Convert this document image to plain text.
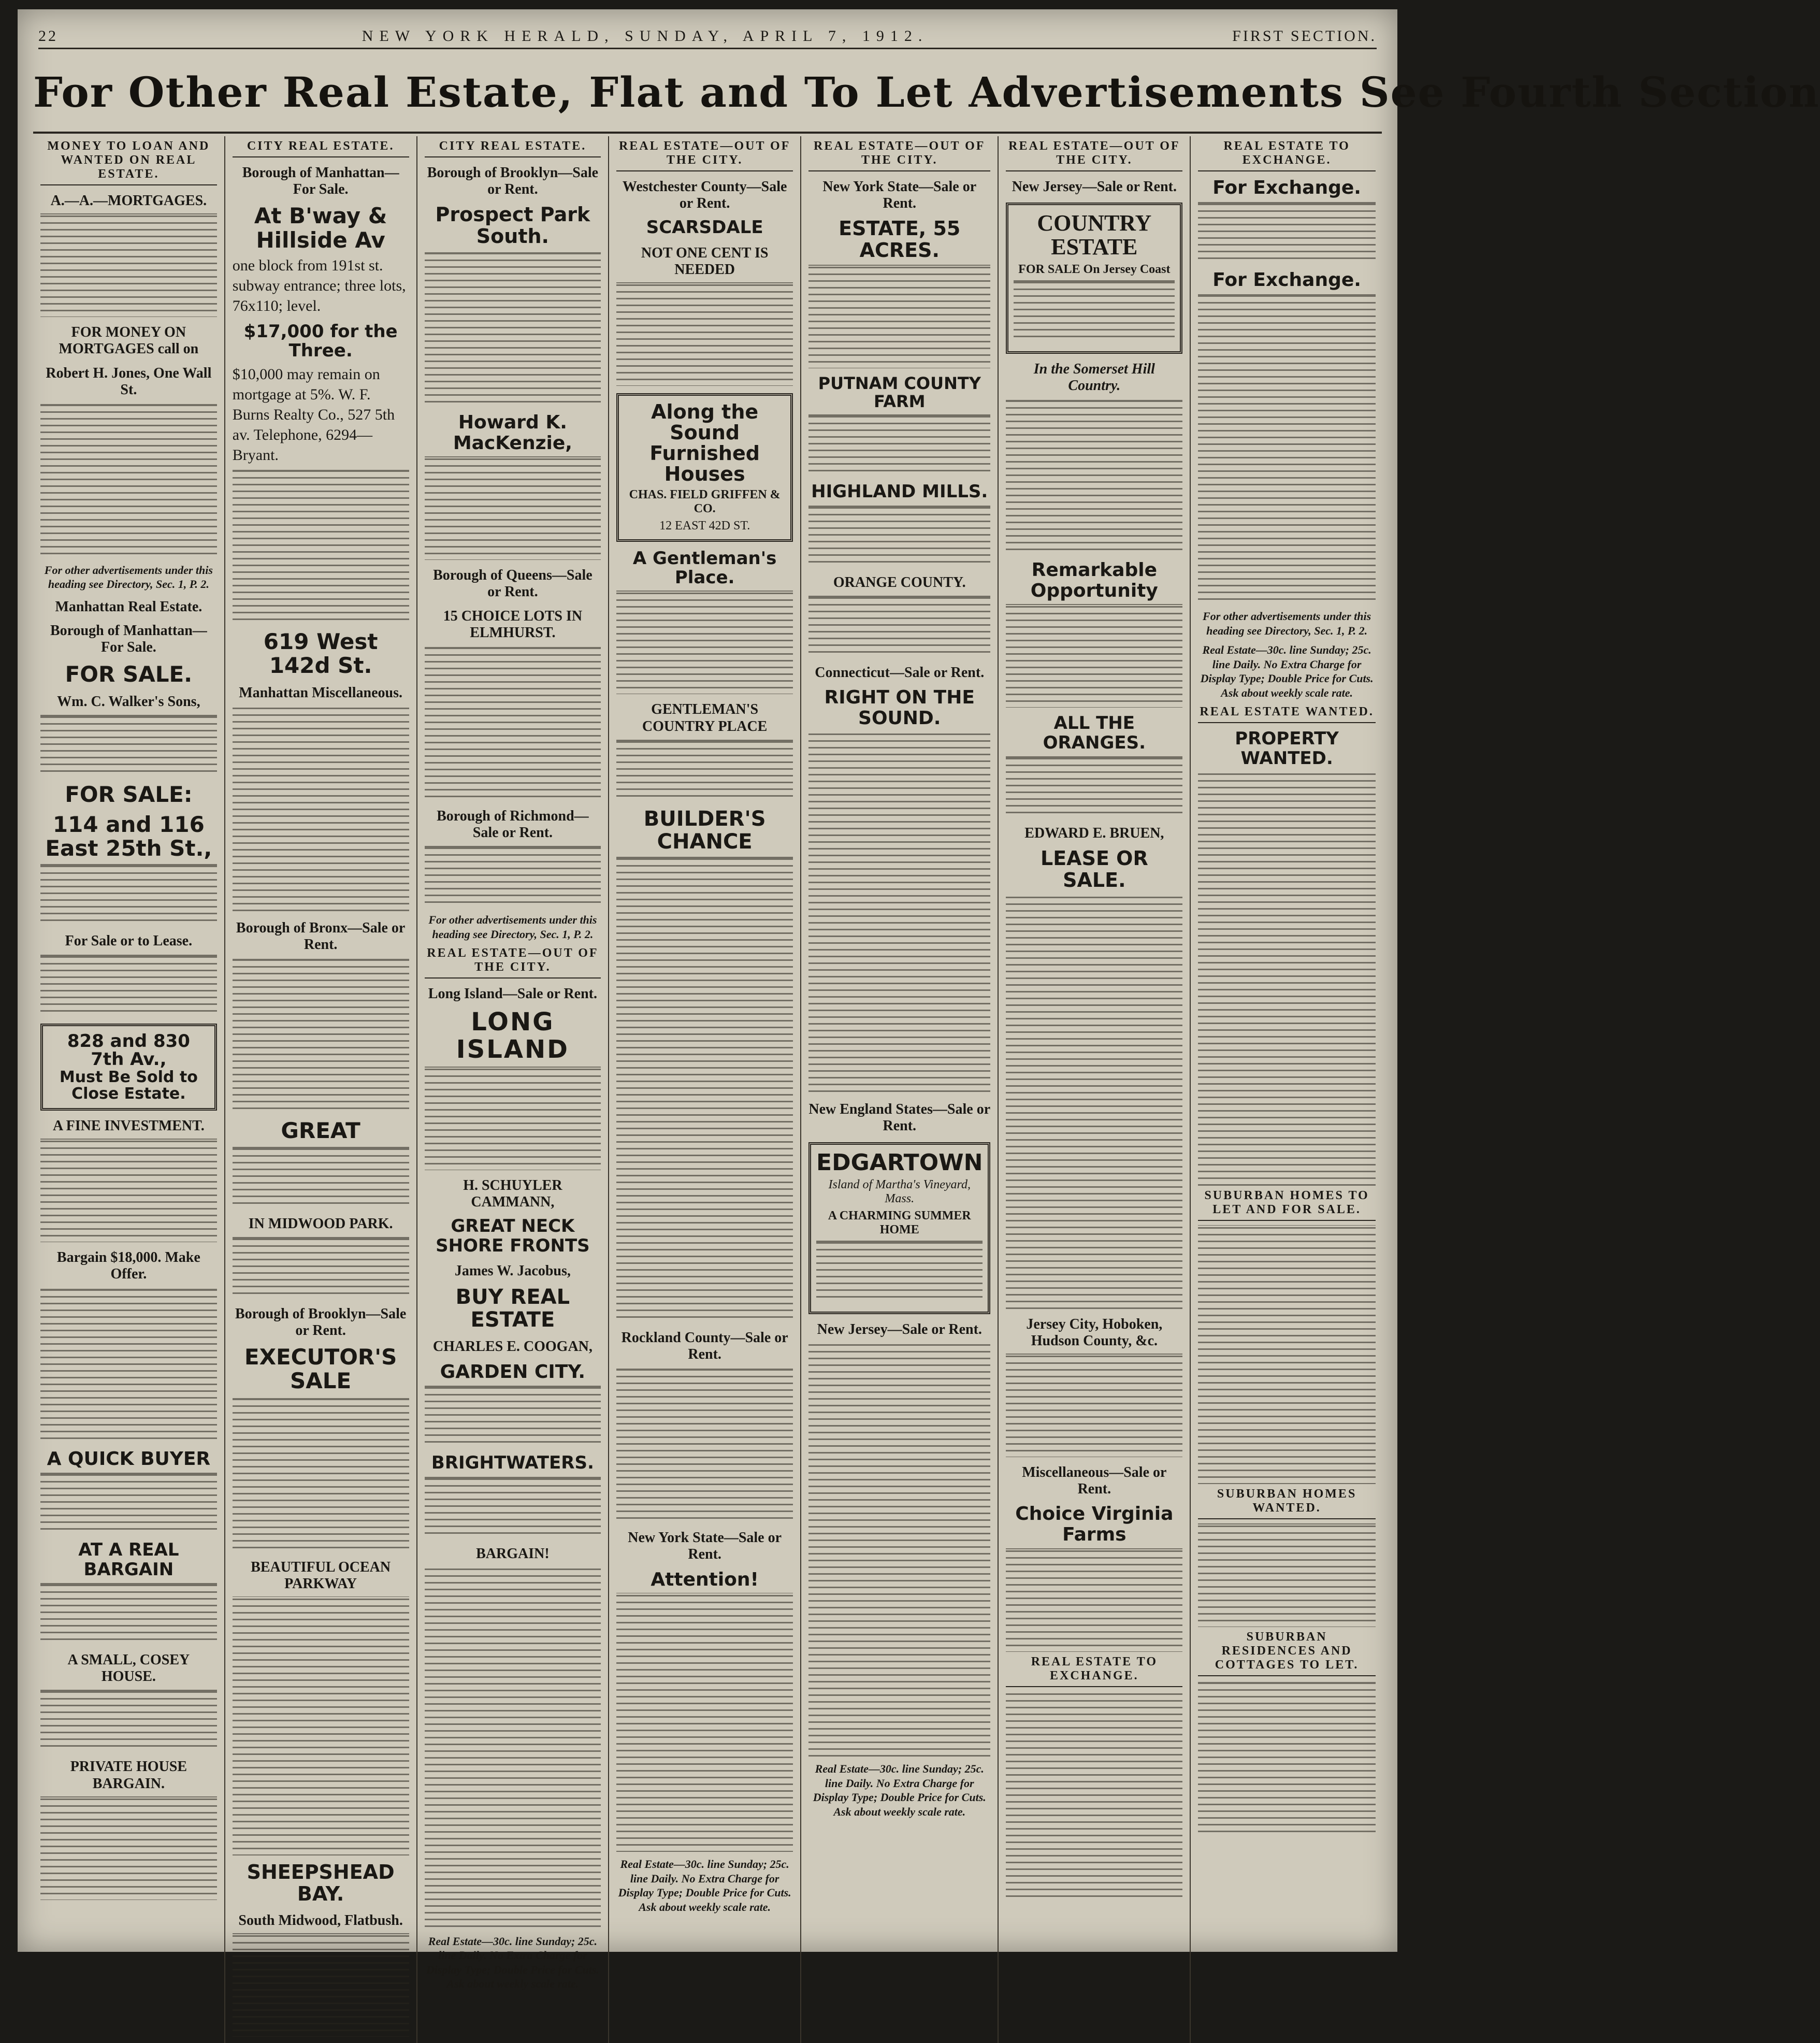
22	NEW YORK HERALD, SUNDAY, APRIL 7, 1912.	FIRST SECTION.
For Other Real Estate, Flat and To Let Advertisements See Fourth Section
MONEY TO LOAN AND WANTED ON REAL ESTATE.
A.—A.—MORTGAGES.
FOR MONEY ON MORTGAGES call on
Robert H. Jones, One Wall St.
For other advertisements under this heading see Directory, Sec. 1, P. 2.
Manhattan Real Estate.
Borough of Manhattan—For Sale.
FOR SALE.
Wm. C. Walker's Sons,
FOR SALE:
114 and 116 East 25th St.,
For Sale or to Lease.
828 and 830 7th Av.,
Must Be Sold to Close Estate.
A FINE INVESTMENT.
Bargain $18,000. Make Offer.
A QUICK BUYER
AT A REAL BARGAIN
A SMALL, COSEY HOUSE.
PRIVATE HOUSE BARGAIN.
CITY REAL ESTATE.
Borough of Manhattan—For Sale.
At B'way & Hillside Av
one block from 191st st. subway entrance; three lots, 76x110; level.
$17,000 for the Three.
$10,000 may remain on mortgage at 5%. W. F. Burns Realty Co., 527 5th av. Telephone, 6294—Bryant.
619 West 142d St.
Manhattan Miscellaneous.
Borough of Bronx—Sale or Rent.
GREAT
IN MIDWOOD PARK.
Borough of Brooklyn—Sale or Rent.
EXECUTOR'S SALE
BEAUTIFUL OCEAN PARKWAY
SHEEPSHEAD BAY.
South Midwood, Flatbush.
CITY REAL ESTATE.
Borough of Brooklyn—Sale or Rent.
Prospect Park South.
Howard K. MacKenzie,
Borough of Queens—Sale or Rent.
15 CHOICE LOTS IN ELMHURST.
Borough of Richmond—Sale or Rent.
For other advertisements under this heading see Directory, Sec. 1, P. 2.
REAL ESTATE—OUT OF THE CITY.
Long Island—Sale or Rent.
LONG ISLAND
H. SCHUYLER CAMMANN,
GREAT NECK SHORE FRONTS
James W. Jacobus,
BUY REAL ESTATE
CHARLES E. COOGAN,
GARDEN CITY.
BRIGHTWATERS.
BARGAIN!
Real Estate—30c. line Sunday; 25c. line Daily. No Extra Charge for Display Type; Double Price for Cuts. Ask about weekly scale rate.
REAL ESTATE—OUT OF THE CITY.
Westchester County—Sale or Rent.
SCARSDALE
NOT ONE CENT IS NEEDED
Along the Sound Furnished Houses
CHAS. FIELD GRIFFEN & CO.
12 EAST 42D ST.
A Gentleman's Place.
GENTLEMAN'S COUNTRY PLACE
BUILDER'S CHANCE
Rockland County—Sale or Rent.
New York State—Sale or Rent.
Attention!
Real Estate—30c. line Sunday; 25c. line Daily. No Extra Charge for Display Type; Double Price for Cuts. Ask about weekly scale rate.
REAL ESTATE—OUT OF THE CITY.
New York State—Sale or Rent.
ESTATE, 55 ACRES.
PUTNAM COUNTY FARM
HIGHLAND MILLS.
ORANGE COUNTY.
Connecticut—Sale or Rent.
RIGHT ON THE SOUND.
New England States—Sale or Rent.
EDGARTOWN
Island of Martha's Vineyard, Mass.
A CHARMING SUMMER HOME
New Jersey—Sale or Rent.
Real Estate—30c. line Sunday; 25c. line Daily. No Extra Charge for Display Type; Double Price for Cuts. Ask about weekly scale rate.
REAL ESTATE—OUT OF THE CITY.
New Jersey—Sale or Rent.
COUNTRY ESTATE
FOR SALE On Jersey Coast
In the Somerset Hill Country.
Remarkable Opportunity
ALL THE ORANGES.
EDWARD E. BRUEN,
LEASE OR SALE.
Jersey City, Hoboken, Hudson County, &c.
Miscellaneous—Sale or Rent.
Choice Virginia Farms
REAL ESTATE TO EXCHANGE.
REAL ESTATE TO EXCHANGE.
For Exchange.
For Exchange.
For other advertisements under this heading see Directory, Sec. 1, P. 2.
Real Estate—30c. line Sunday; 25c. line Daily. No Extra Charge for Display Type; Double Price for Cuts. Ask about weekly scale rate.
REAL ESTATE WANTED.
PROPERTY WANTED.
SUBURBAN HOMES TO LET AND FOR SALE.
SUBURBAN HOMES WANTED.
SUBURBAN RESIDENCES AND COTTAGES TO LET.
